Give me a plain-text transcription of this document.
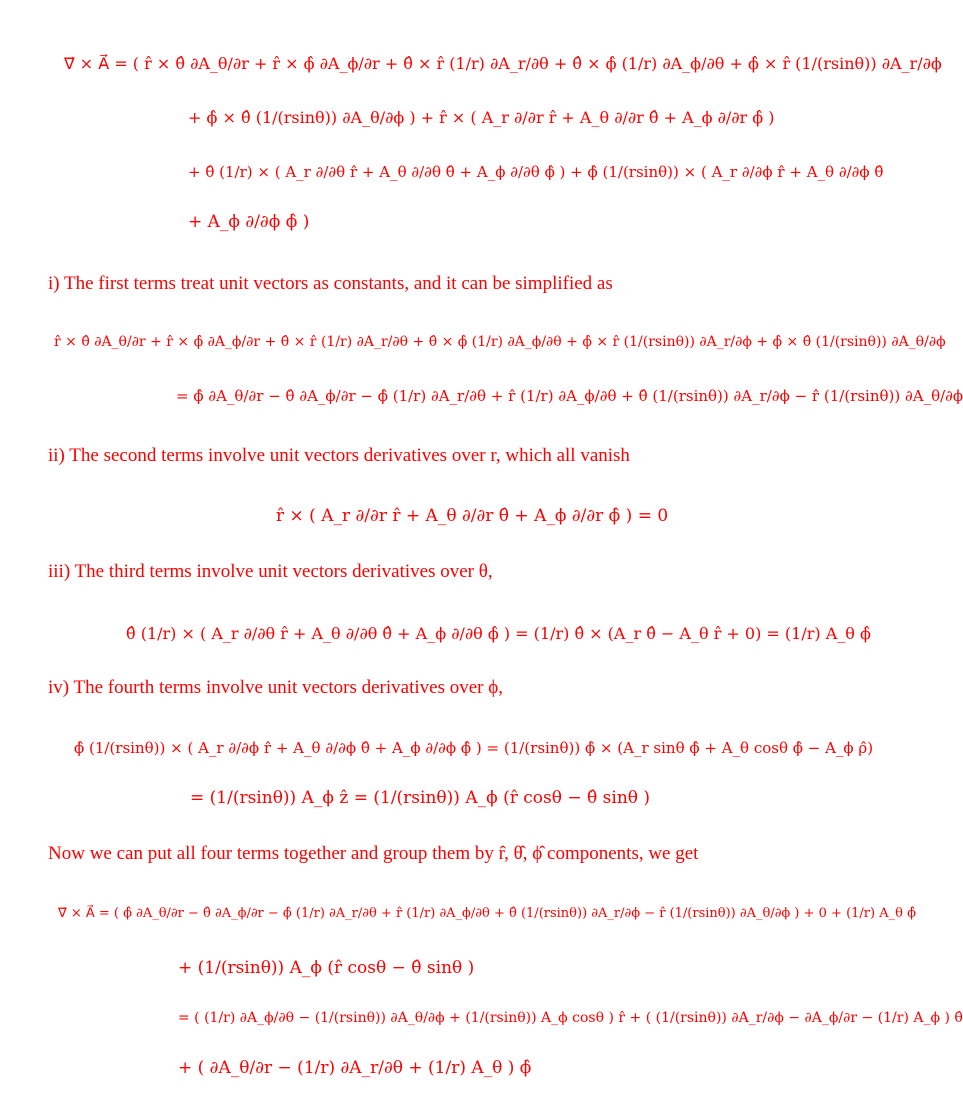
∇⃗ × A⃗ = ( r̂ × θ̂ ∂A_θ/∂r + r̂ × ϕ̂ ∂A_ϕ/∂r + θ̂ × r̂ (1/r) ∂A_r/∂θ + θ̂ × ϕ̂ (1/r) ∂A_ϕ/∂θ + ϕ̂ × r̂ (1/(rsinθ)) ∂A_r/∂ϕ
+ ϕ̂ × θ̂ (1/(rsinθ)) ∂A_θ/∂ϕ ) + r̂ × ( A_r ∂/∂r r̂ + A_θ ∂/∂r θ̂ + A_ϕ ∂/∂r ϕ̂ )
+ θ̂ (1/r) × ( A_r ∂/∂θ r̂ + A_θ ∂/∂θ θ̂ + A_ϕ ∂/∂θ ϕ̂ ) + ϕ̂ (1/(rsinθ)) × ( A_r ∂/∂ϕ r̂ + A_θ ∂/∂ϕ θ̂
+ A_ϕ ∂/∂ϕ ϕ̂ )
i) The first terms treat unit vectors as constants, and it can be simplified as
r̂ × θ̂ ∂A_θ/∂r + r̂ × ϕ̂ ∂A_ϕ/∂r + θ̂ × r̂ (1/r) ∂A_r/∂θ + θ̂ × ϕ̂ (1/r) ∂A_ϕ/∂θ + ϕ̂ × r̂ (1/(rsinθ)) ∂A_r/∂ϕ + ϕ̂ × θ̂ (1/(rsinθ)) ∂A_θ/∂ϕ
= ϕ̂ ∂A_θ/∂r − θ̂ ∂A_ϕ/∂r − ϕ̂ (1/r) ∂A_r/∂θ + r̂ (1/r) ∂A_ϕ/∂θ + θ̂ (1/(rsinθ)) ∂A_r/∂ϕ − r̂ (1/(rsinθ)) ∂A_θ/∂ϕ
ii) The second terms involve unit vectors derivatives over r, which all vanish
r̂ × ( A_r ∂/∂r r̂ + A_θ ∂/∂r θ̂ + A_ϕ ∂/∂r ϕ̂ ) = 0
iii) The third terms involve unit vectors derivatives over θ,
θ̂ (1/r) × ( A_r ∂/∂θ r̂ + A_θ ∂/∂θ θ̂ + A_ϕ ∂/∂θ ϕ̂ ) = (1/r) θ̂ × (A_r θ̂ − A_θ r̂ + 0) = (1/r) A_θ ϕ̂
iv) The fourth terms involve unit vectors derivatives over ϕ,
ϕ̂ (1/(rsinθ)) × ( A_r ∂/∂ϕ r̂ + A_θ ∂/∂ϕ θ̂ + A_ϕ ∂/∂ϕ ϕ̂ ) = (1/(rsinθ)) ϕ̂ × (A_r sinθ ϕ̂ + A_θ cosθ ϕ̂ − A_ϕ ρ̂)
= (1/(rsinθ)) A_ϕ ẑ = (1/(rsinθ)) A_ϕ (r̂ cosθ − θ̂ sinθ )
Now we can put all four terms together and group them by r̂, θ̂, ϕ̂ components, we get
∇⃗ × A⃗ = ( ϕ̂ ∂A_θ/∂r − θ̂ ∂A_ϕ/∂r − ϕ̂ (1/r) ∂A_r/∂θ + r̂ (1/r) ∂A_ϕ/∂θ + θ̂ (1/(rsinθ)) ∂A_r/∂ϕ − r̂ (1/(rsinθ)) ∂A_θ/∂ϕ ) + 0 + (1/r) A_θ ϕ̂
+ (1/(rsinθ)) A_ϕ (r̂ cosθ − θ̂ sinθ )
= ( (1/r) ∂A_ϕ/∂θ − (1/(rsinθ)) ∂A_θ/∂ϕ + (1/(rsinθ)) A_ϕ cosθ ) r̂ + ( (1/(rsinθ)) ∂A_r/∂ϕ − ∂A_ϕ/∂r − (1/r) A_ϕ ) θ̂
+ ( ∂A_θ/∂r − (1/r) ∂A_r/∂θ + (1/r) A_θ ) ϕ̂
